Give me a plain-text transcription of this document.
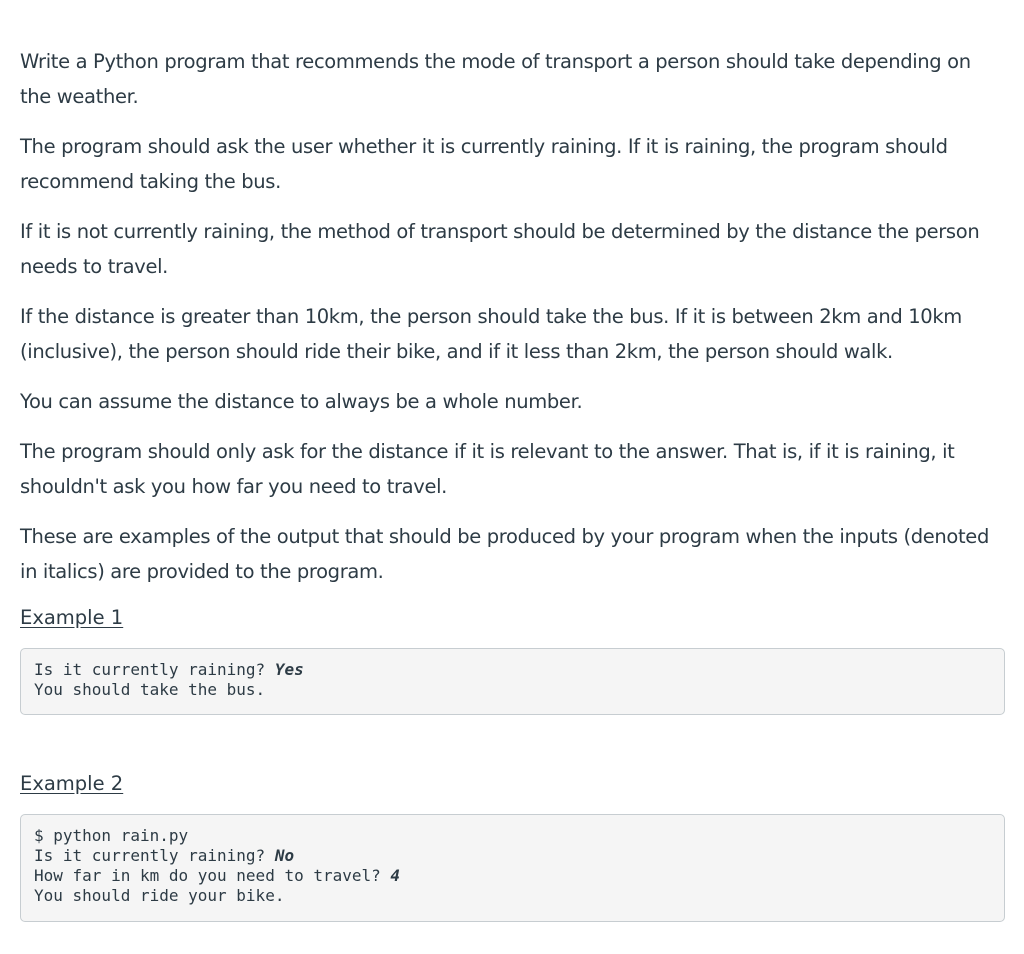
Write a Python program that recommends the mode of transport a person should take depending on the weather.

The program should ask the user whether it is currently raining. If it is raining, the program should recommend taking the bus.

If it is not currently raining, the method of transport should be determined by the distance the person needs to travel.

If the distance is greater than 10km, the person should take the bus. If it is between 2km and 10km (inclusive), the person should ride their bike, and if it less than 2km, the person should walk.

You can assume the distance to always be a whole number.

The program should only ask for the distance if it is relevant to the answer. That is, if it is raining, it shouldn't ask you how far you need to travel.

These are examples of the output that should be produced by your program when the inputs (denoted in italics) are provided to the program.

Example 1
Is it currently raining? Yes
You should take the bus.
Example 2
$ python rain.py
Is it currently raining? No
How far in km do you need to travel? 4
You should ride your bike.
